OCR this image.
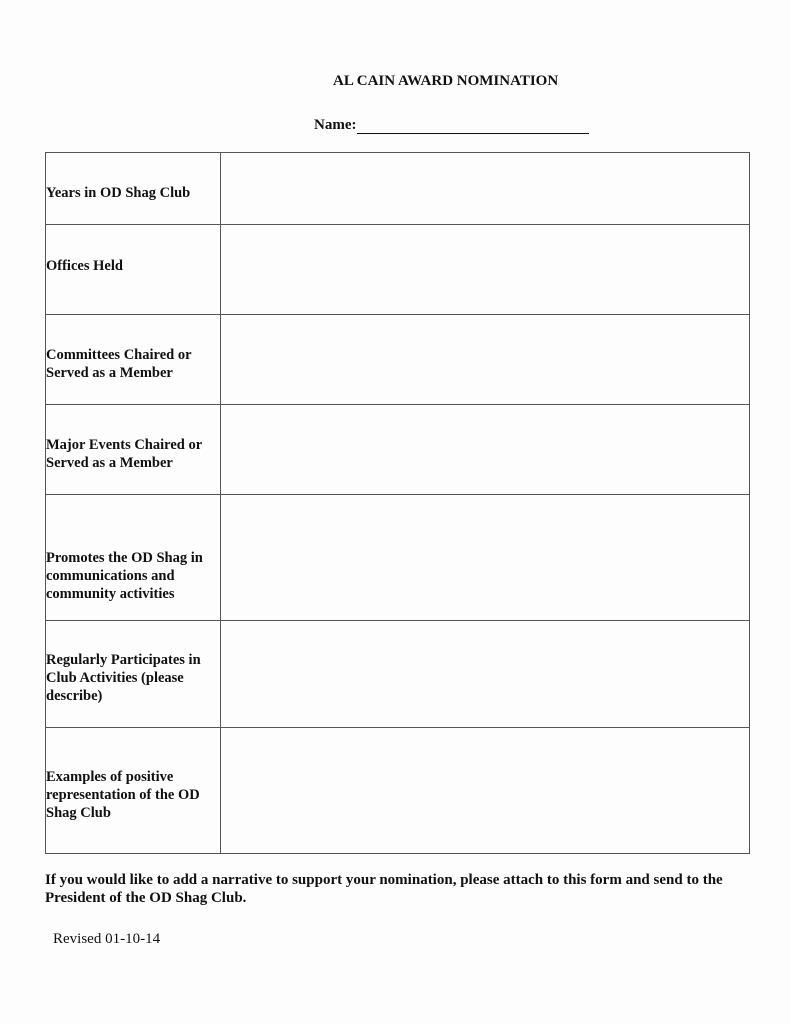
AL CAIN AWARD NOMINATION
Name:
Years in OD Shag Club	

Offices Held	

Committees Chaired or Served as a Member	

Major Events Chaired or Served as a Member	

Promotes the OD Shag in communications and community activities	

Regularly Participates in Club Activities (please describe)	

Examples of positive representation of the OD Shag Club	

If you would like to add a narrative to support your nomination, please attach to this form and send to the President of the OD Shag Club.
Revised 01-10-14
